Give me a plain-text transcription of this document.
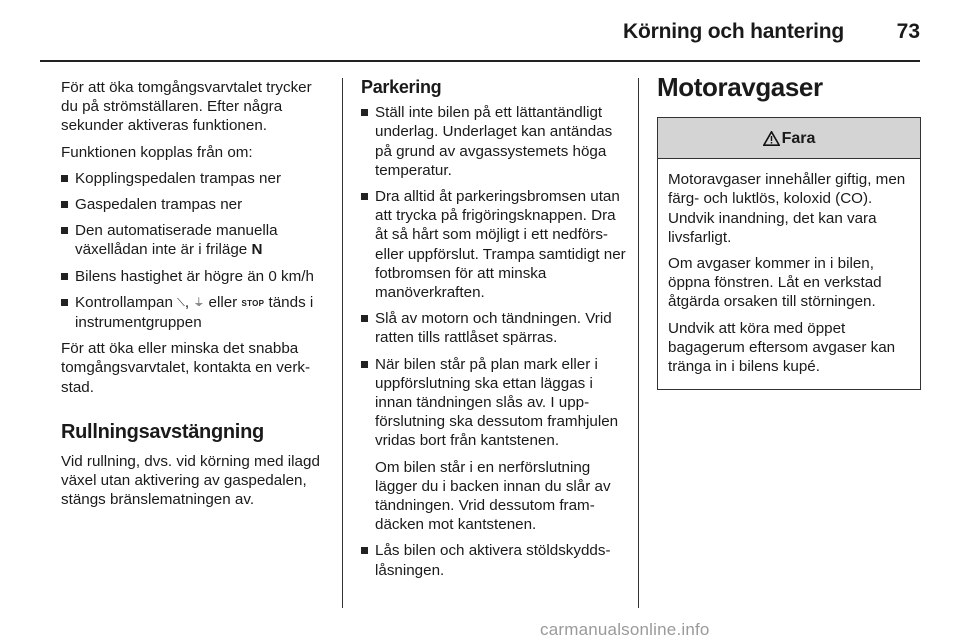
Körning och hantering	73

För att öka tomgångsvarvtalet trycker du på strömställaren. Efter några sekunder aktiveras funktionen.

Funktionen kopplas från om:

Kopplingspedalen trampas ner
Gaspedalen trampas ner
Den automatiserade manuella växellådan inte är i friläge N
Bilens hastighet är högre än 0 km/h
Kontrollampan ⟍, ⏚ eller STOP tänds i instrumentgruppen

För att öka eller minska det snabba tomgångsvarvtalet, kontakta en verkstad.

Rullningsavstängning

Vid rullning, dvs. vid körning med ilagd växel utan aktivering av gaspedalen, stängs bränslematningen av.

Parkering
Ställ inte bilen på ett lättantändligt underlag. Underlaget kan antändas på grund av avgassystemets höga temperatur.
Dra alltid åt parkeringsbromsen utan att trycka på frigöringsknappen. Dra åt så hårt som möjligt i ett nedförs- eller uppförslut. Trampa samtidigt ner fotbromsen för att minska manöverkraften.
Slå av motorn och tändningen. Vrid ratten tills rattlåset spärras.
När bilen står på plan mark eller i uppförslutning ska ettan läggas i innan tändningen slås av. I uppförslutning ska dessutom framhjulen vridas bort från kantstenen.

Om bilen står i en nerförslutning lägger du i backen innan du slår av tändningen. Vrid dessutom framdäcken mot kantstenen.

Lås bilen och aktivera stöldskyddslåsningen.
Motoravgaser
Fara

Motoravgaser innehåller giftig, men färg- och luktlös, koloxid (CO). Undvik inandning, det kan vara livsfarligt.

Om avgaser kommer in i bilen, öppna fönstren. Låt en verkstad åtgärda orsaken till störningen.

Undvik att köra med öppet bagagerum eftersom avgaser kan tränga in i bilens kupé.

carmanualsonline.info
